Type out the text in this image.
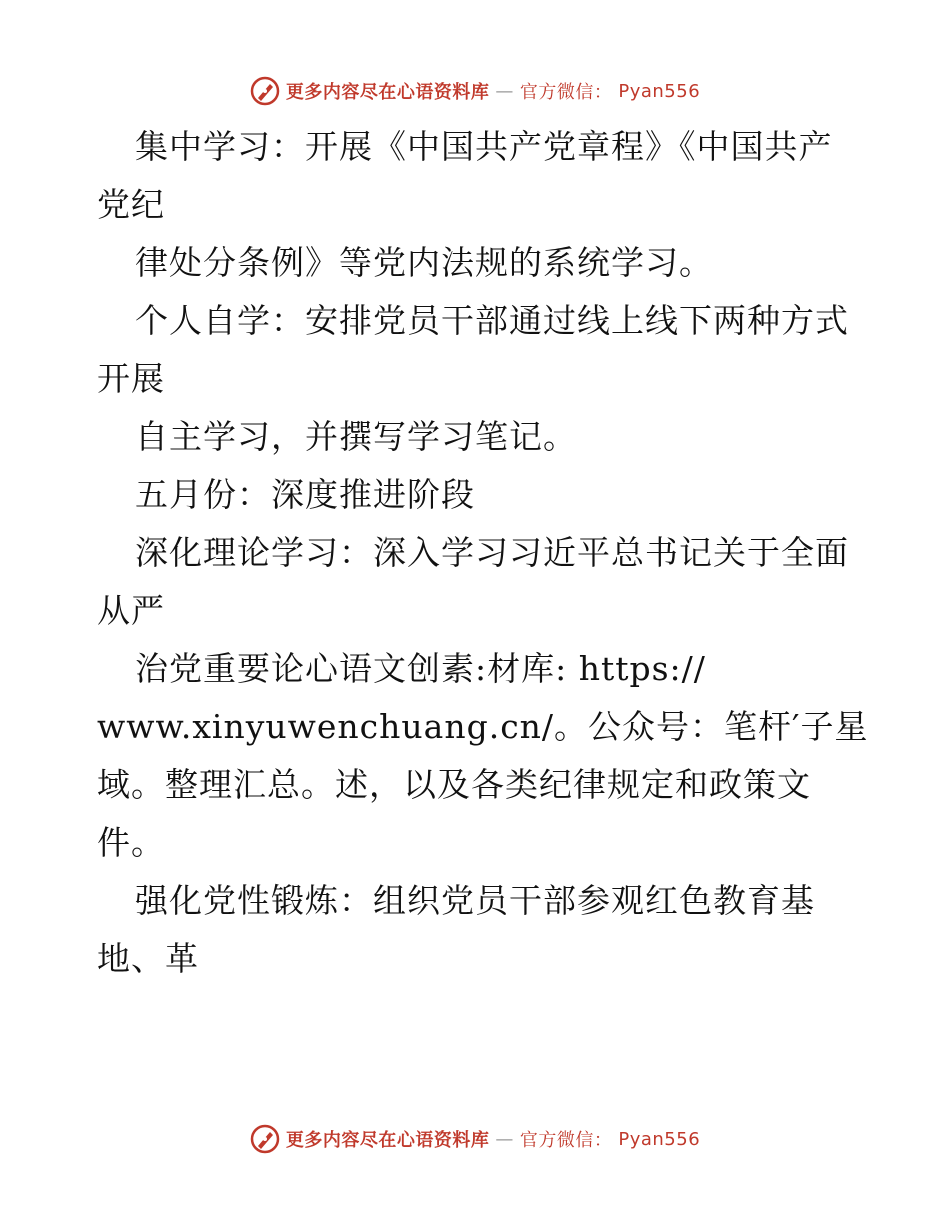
更多内容尽在心语资料库 — 官方微信： Pyan556
集中学习：开展《中国共产党章程》《中国共产
党纪
律处分条例》等党内法规的系统学习。
个人自学：安排党员干部通过线上线下两种方式
开展
自主学习，并撰写学习笔记。
五月份：深度推进阶段
深化理论学习：深入学习习近平总书记关于全面
从严
治党重要论心语文创素:材库: https://
www.xinyuwenchuang.cn/。公众号：笔杆′子星
域。整理汇总。述，以及各类纪律规定和政策文
件。
强化党性锻炼：组织党员干部参观红色教育基
地、革
更多内容尽在心语资料库 — 官方微信： Pyan556
